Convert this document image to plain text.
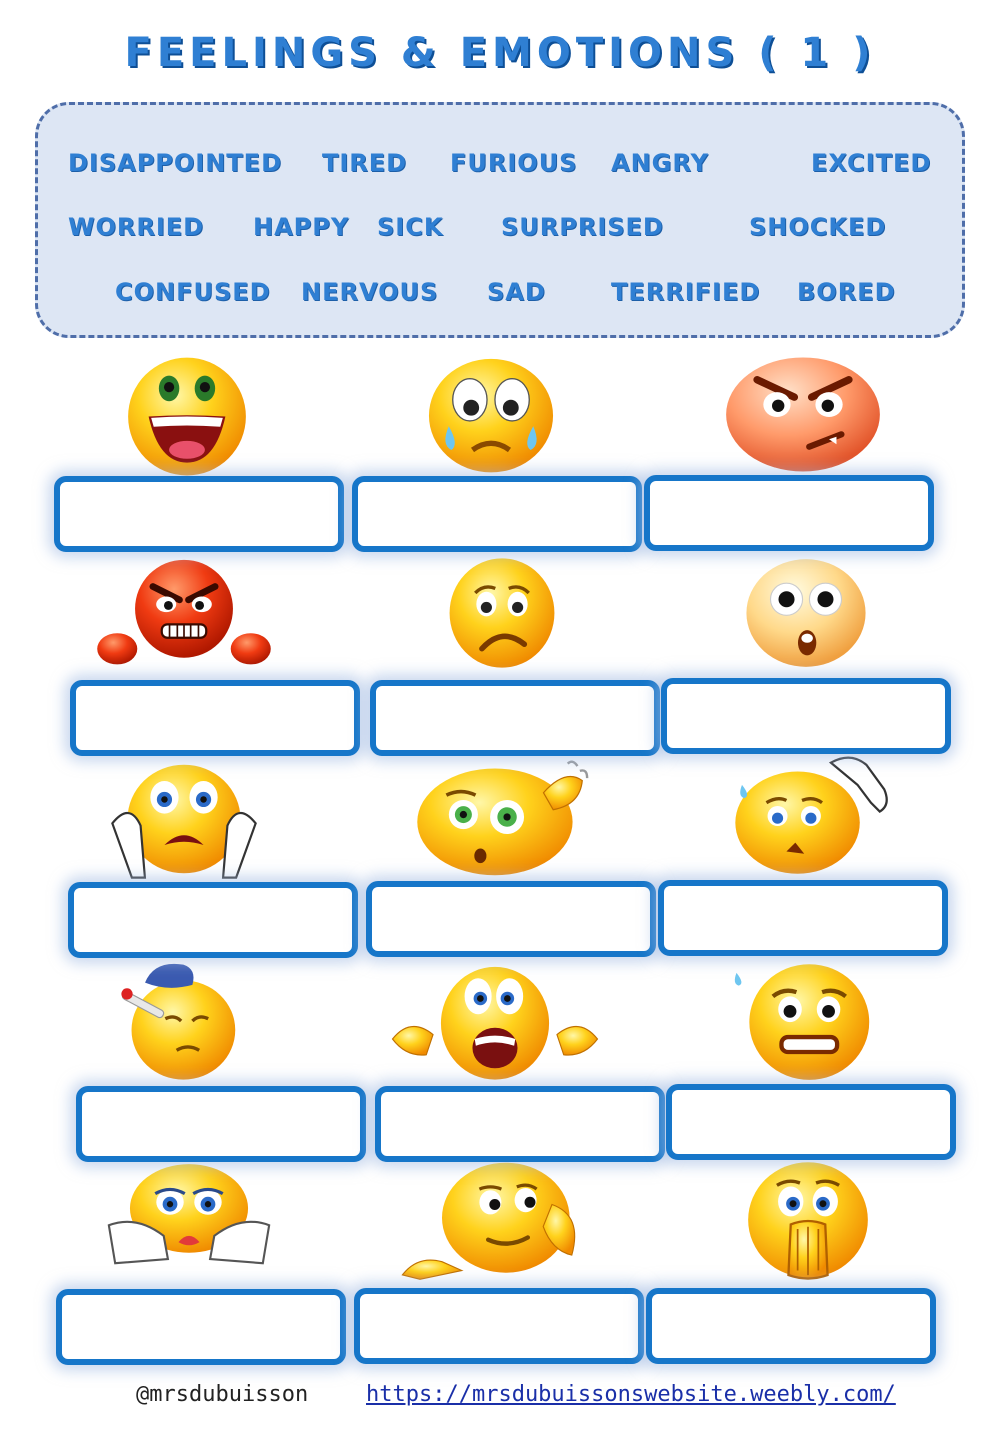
FEELINGS & EMOTIONS ( 1 )
DISAPPOINTED TIRED FURIOUS ANGRY	EXCITED
WORRIED HAPPY SICK SURPRISED	SHOCKED
CONFUSED NERVOUS SAD	TERRIFIED BORED
@mrsdubuisson	https://mrsdubuissonswebsite.weebly.com/
